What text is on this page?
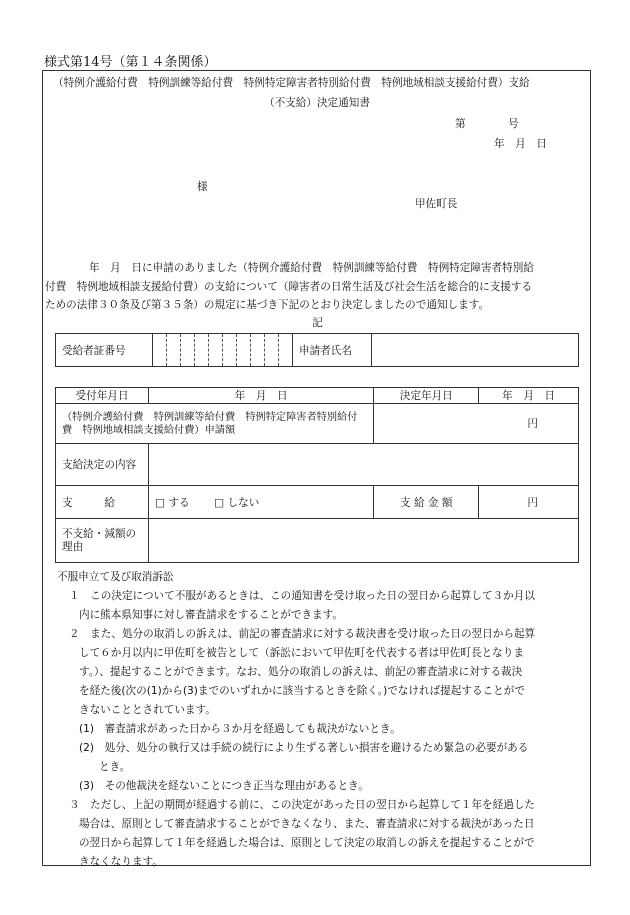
様式第14号（第１４条関係）
（特例介護給付費　特例訓練等給付費　特例特定障害者特別給付費　特例地域相談支援給付費）支給
（不支給）決定通知書
第　　　　号
年　月　日
様
甲佐町長
年　月　日に申請のありました（特例介護給付費　特例訓練等給付費　特例特定障害者特別給
付費　特例地域相談支援給付費）の支給について（障害者の日常生活及び社会生活を総合的に支援する
ための法律３０条及び第３５条）の規定に基づき下記のとおり決定しましたので通知します。
記
受給者証番号											申請者氏名	
受付年月日	年　月　日	決定年月日	年　月　日
（特例介護給付費　特例訓練等給付費　特例特定障害者特別給付費　特例地域相談支援給付費）申請額		円	
支給決定の内容			
支　　　給	□ する　　 □ しない	支 給 金 額	円
不支給・減額の理由			
不服申立て及び取消訴訟
１　この決定について不服があるときは、この通知書を受け取った日の翌日から起算して３か月以
内に熊本県知事に対し審査請求をすることができます。
２　また、処分の取消しの訴えは、前記の審査請求に対する裁決書を受け取った日の翌日から起算
して６か月以内に甲佐町を被告として（訴訟において甲佐町を代表する者は甲佐町長となりま
す。）、提起することができます。なお、処分の取消しの訴えは、前記の審査請求に対する裁決
を経た後(次の(1)から(3)までのいずれかに該当するときを除く。)でなければ提起することがで
きないこととされています。
(1)　審査請求があった日から３か月を経過しても裁決がないとき。
(2)　処分、処分の執行又は手続の続行により生ずる著しい損害を避けるため緊急の必要がある
とき。
(3)　その他裁決を経ないことにつき正当な理由があるとき。
３　ただし、上記の期間が経過する前に、この決定があった日の翌日から起算して１年を経過した
場合は、原則として審査請求することができなくなり、また、審査請求に対する裁決があった日
の翌日から起算して１年を経過した場合は、原則として決定の取消しの訴えを提起することがで
きなくなります。
